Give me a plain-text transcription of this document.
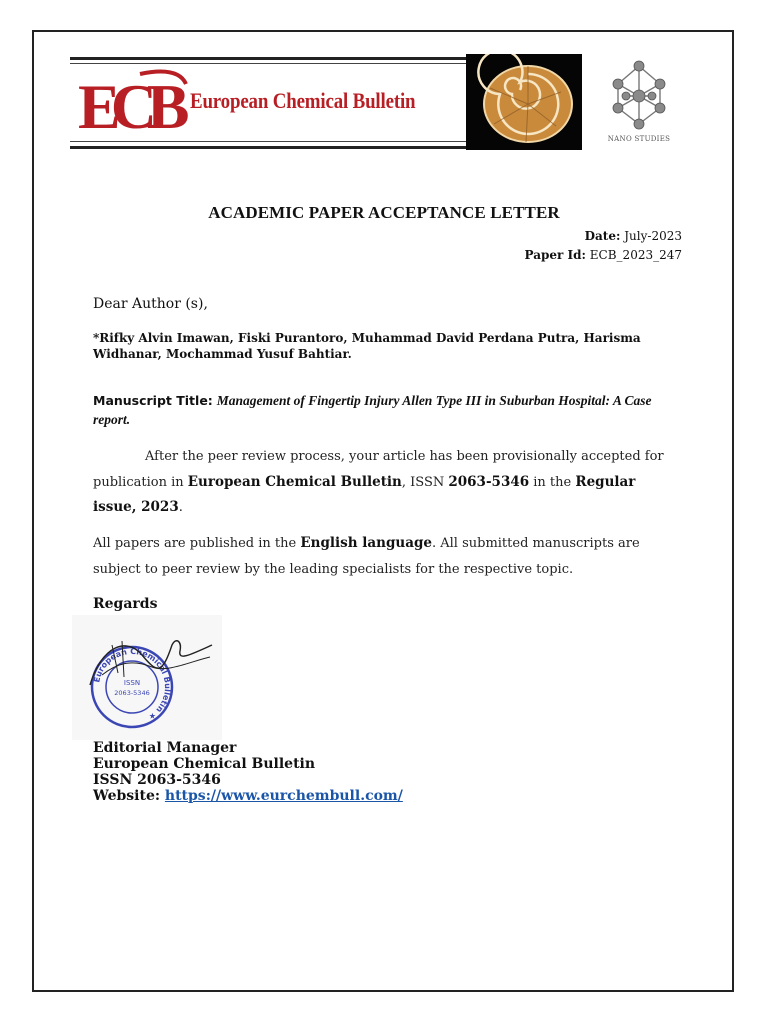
ECB European Chemical Bulletin
NANO STUDIES
ACADEMIC PAPER ACCEPTANCE LETTER
Date: July-2023
Paper Id: ECB_2023_247
Dear Author (s),
*Rifky Alvin Imawan, Fiski Purantoro, Muhammad David Perdana Putra, Harisma Widhanar, Mochammad Yusuf Bahtiar.
Manuscript Title: Management of Fingertip Injury Allen Type III in Suburban Hospital: A Case report.
After the peer review process, your article has been provisionally accepted for publication in European Chemical Bulletin, ISSN 2063-5346 in the Regular issue, 2023.
All papers are published in the English language. All submitted manuscripts are subject to peer review by the leading specialists for the respective topic.
Regards
European Chemical Bulletin ★
ISSN
2063-5346
Editorial Manager
European Chemical Bulletin
ISSN 2063-5346
Website: https://www.eurchembull.com/
